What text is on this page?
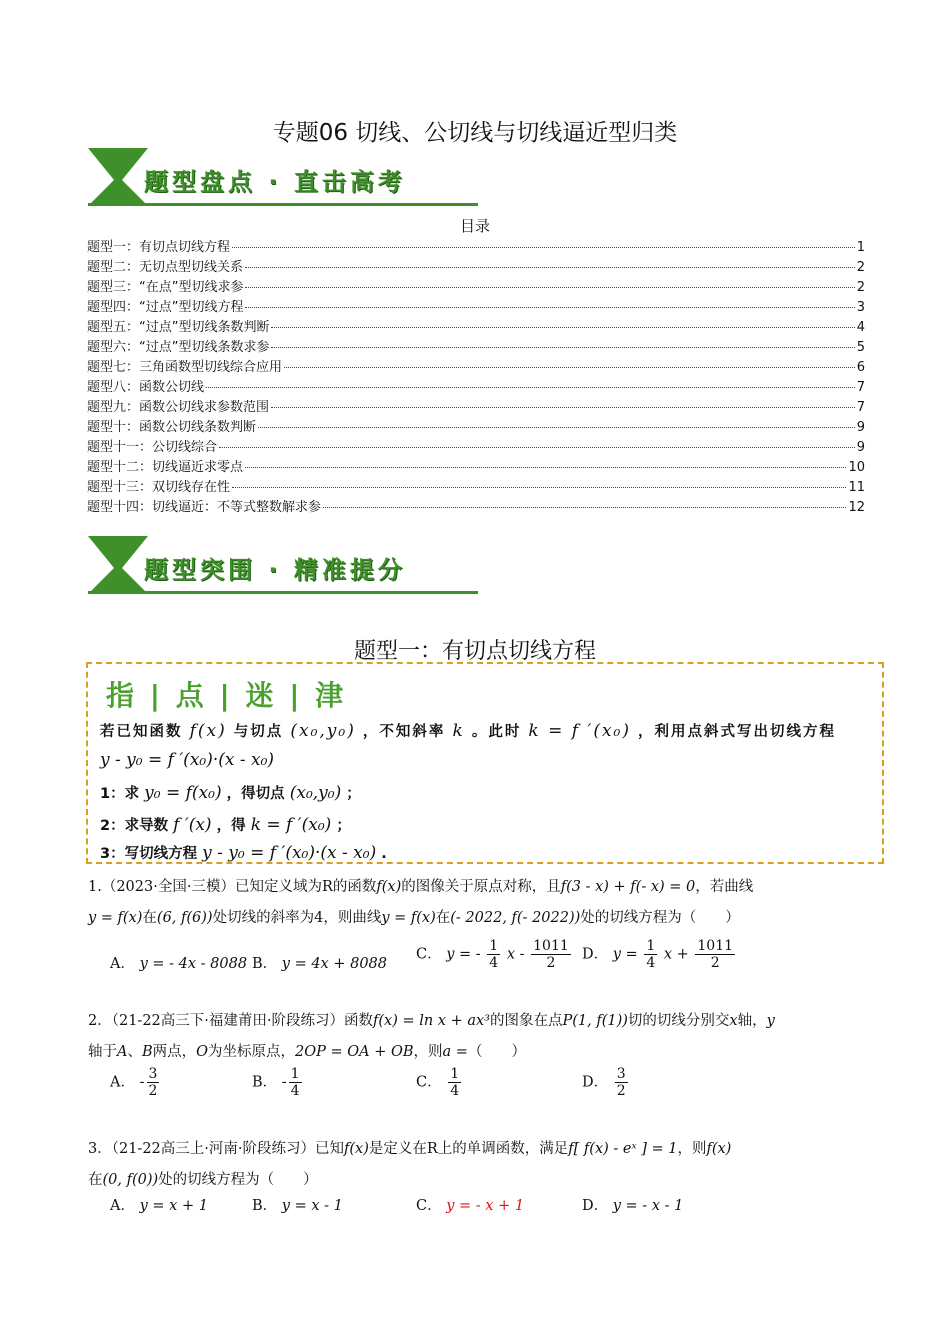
专题06 切线、公切线与切线逼近型归类
题型盘点 · 直击高考
目录
题型一：有切点切线方程	1
题型二：无切点型切线关系	2
题型三：“在点”型切线求参	2
题型四：“过点”型切线方程	3
题型五：“过点”型切线条数判断	4
题型六：“过点”型切线条数求参	5
题型七：三角函数型切线综合应用	6
题型八：函数公切线	7
题型九：函数公切线求参数范围	7
题型十：函数公切线条数判断	9
题型十一：公切线综合	9
题型十二：切线逼近求零点	10
题型十三：双切线存在性	11
题型十四：切线逼近：不等式整数解求参	12
题型突围 · 精准提分
题型一：有切点切线方程
指 | 点 | 迷 | 津
若已知函数 f(x) 与切点 (x₀,y₀) ，不知斜率 k 。此时 k = f ′(x₀) ，利用点斜式写出切线方程
y - y₀ = f ′(x₀)·(x - x₀)
1：求 y₀ = f(x₀) ，得切点 (x₀,y₀) ；
2：求导数 f ′(x) ，得 k = f ′(x₀) ；
3：写切线方程 y - y₀ = f ′(x₀)·(x - x₀) .
1.（2023·全国·三模）已知定义域为R的函数f(x)的图像关于原点对称，且f(3 - x) + f(- x) = 0，若曲线
y = f(x)在(6, f(6))处切线的斜率为4，则曲线y = f(x)在(- 2022, f(- 2022))处的切线方程为（　　）
A． y = - 4x - 8088 B． y = 4x + 8088
C． y = - $\frac{1}{4}$ x - $\frac{1011}{2}$ D． $y = \frac{1}{4}$ $x + \frac{1011}{2}$
2．（21-22高三下·福建莆田·阶段练习）函数f(x) = ln x + ax³的图象在点P(1, f(1))切的切线分别交x轴，y
轴于A、B两点，O为坐标原点，2OP = OA + OB，则a =（　　）
A． - $\frac{3}{2}$	B． - $\frac{1}{4}$	C． $\frac{1}{4}$	D． $\frac{3}{2}$
3．（21-22高三上·河南·阶段练习）已知f(x)是定义在R上的单调函数，满足f[ f(x) - eˣ ] = 1，则f(x)
在(0, f(0))处的切线方程为（　　）
A． y = x + 1	B． y = x - 1	C． y = - x + 1	D． y = - x - 1
